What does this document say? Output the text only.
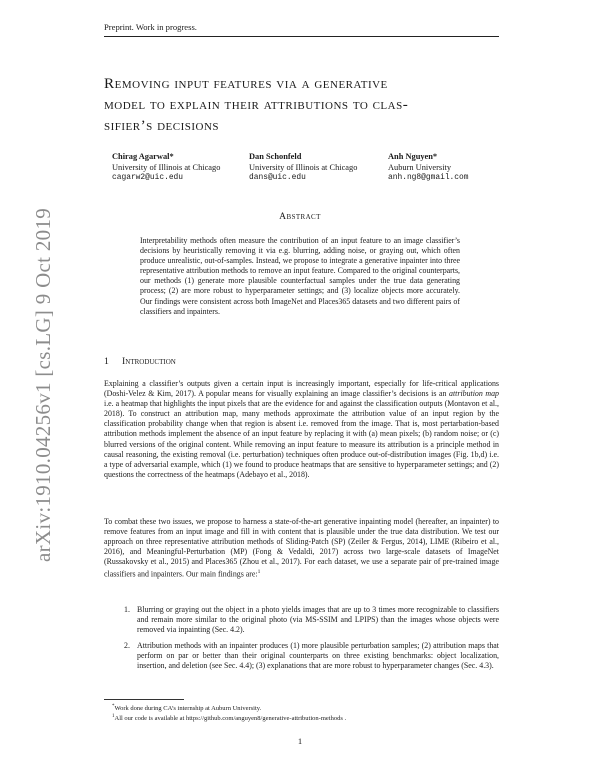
arXiv:1910.04256v1 [cs.LG] 9 Oct 2019
Preprint. Work in progress.
Removing input features via a generative
model to explain their attributions to clas-
sifier’s decisions
Chirag Agarwal*
University of Illinois at Chicago
cagarw2@uic.edu
Dan Schonfeld
University of Illinois at Chicago
dans@uic.edu
Anh Nguyen*
Auburn University
anh.ng8@gmail.com
Abstract
Interpretability methods often measure the contribution of an input feature to an image classifier’s decisions by heuristically removing it via e.g. blurring, adding noise, or graying out, which often produce unrealistic, out-of-samples. Instead, we propose to integrate a generative inpainter into three representative attribution methods to remove an input feature. Compared to the original counterparts, our methods (1) generate more plausible counterfactual samples under the true data generating process; (2) are more robust to hyperparameter settings; and (3) localize objects more accurately. Our findings were consistent across both ImageNet and Places365 datasets and two different pairs of classifiers and inpainters.
1 Introduction
Explaining a classifier’s outputs given a certain input is increasingly important, especially for life-critical applications (Doshi-Velez & Kim, 2017). A popular means for visually explaining an image classifier’s decisions is an attribution map i.e. a heatmap that highlights the input pixels that are the evidence for and against the classification outputs (Montavon et al., 2018). To construct an attribution map, many methods approximate the attribution value of an input region by the classification probability change when that region is absent i.e. removed from the image. That is, most pertarbation-based attribution methods implement the absence of an input feature by replacing it with (a) mean pixels; (b) random noise; or (c) blurred versions of the original content. While removing an input feature to measure its attribution is a principle method in causal reasoning, the existing removal (i.e. perturbation) techniques often produce out-of-distribution images (Fig. 1b,d) i.e. a type of adversarial example, which (1) we found to produce heatmaps that are sensitive to hyperparameter settings; and (2) questions the correctness of the heatmaps (Adebayo et al., 2018).
To combat these two issues, we propose to harness a state-of-the-art generative inpainting model (hereafter, an inpainter) to remove features from an input image and fill in with content that is plausible under the true data distribution. We test our approach on three representative attribution methods of Sliding-Patch (SP) (Zeiler & Fergus, 2014), LIME (Ribeiro et al., 2016), and Meaningful-Perturbation (MP) (Fong & Vedaldi, 2017) across two large-scale datasets of ImageNet (Russakovsky et al., 2015) and Places365 (Zhou et al., 2017). For each dataset, we use a separate pair of pre-trained image classifiers and inpainters. Our main findings are:$^1$
1. Blurring or graying out the object in a photo yields images that are up to 3 times more recognizable to classifiers and remain more similar to the original photo (via MS-SSIM and LPIPS) than the images whose objects were removed via inpainting (Sec. 4.2).
2. Attribution methods with an inpainter produces (1) more plausible perturbation samples; (2) attribution maps that perform on par or better than their original counterparts on three existing benchmarks: object localization, insertion, and deletion (see Sec. 4.4); (3) explanations that are more robust to hyperparameter changes (Sec. 4.3).
*Work done during CA’s internship at Auburn University.
$^1$All our code is available at https://github.com/anguyen8/generative-attribution-methods .
1
